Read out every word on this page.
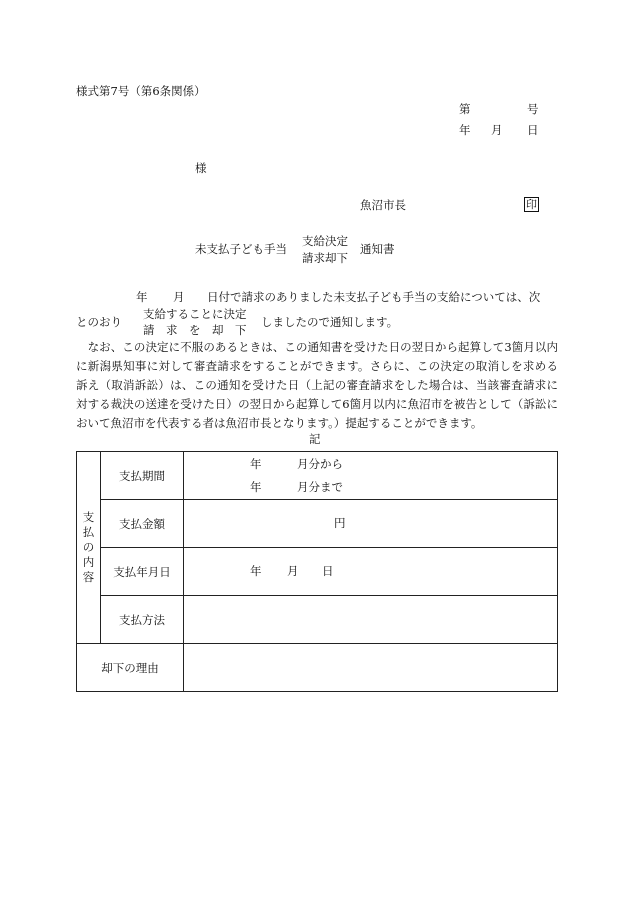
様式第7号（第6条関係）
第	号
年 月 日
様
魚沼市長	印
未支払子ども手当
支給決定
請求却下
通知書
年 月 日付で請求のありました未支払子ども手当の支給については、次
とのおり
支給することに決定
請　求　を　却　下
しましたので通知します。
　なお、この決定に不服のあるときは、この通知書を受けた日の翌日から起算して3箇月以内に新潟県知事に対して審査請求をすることができます。さらに、この決定の取消しを求める訴え（取消訴訟）は、この通知を受けた日（上記の審査請求をした場合は、当該審査請求に対する裁決の送達を受けた日）の翌日から起算して6箇月以内に魚沼市を被告として（訴訟において魚沼市を代表する者は魚沼市長となります。）提起することができます。
記
支
払
の
内
容	支払期間	年 月分から
年 月分まで

	支払金額	円

	支払年月日	年 月 日

	支払方法	
却下の理由		
